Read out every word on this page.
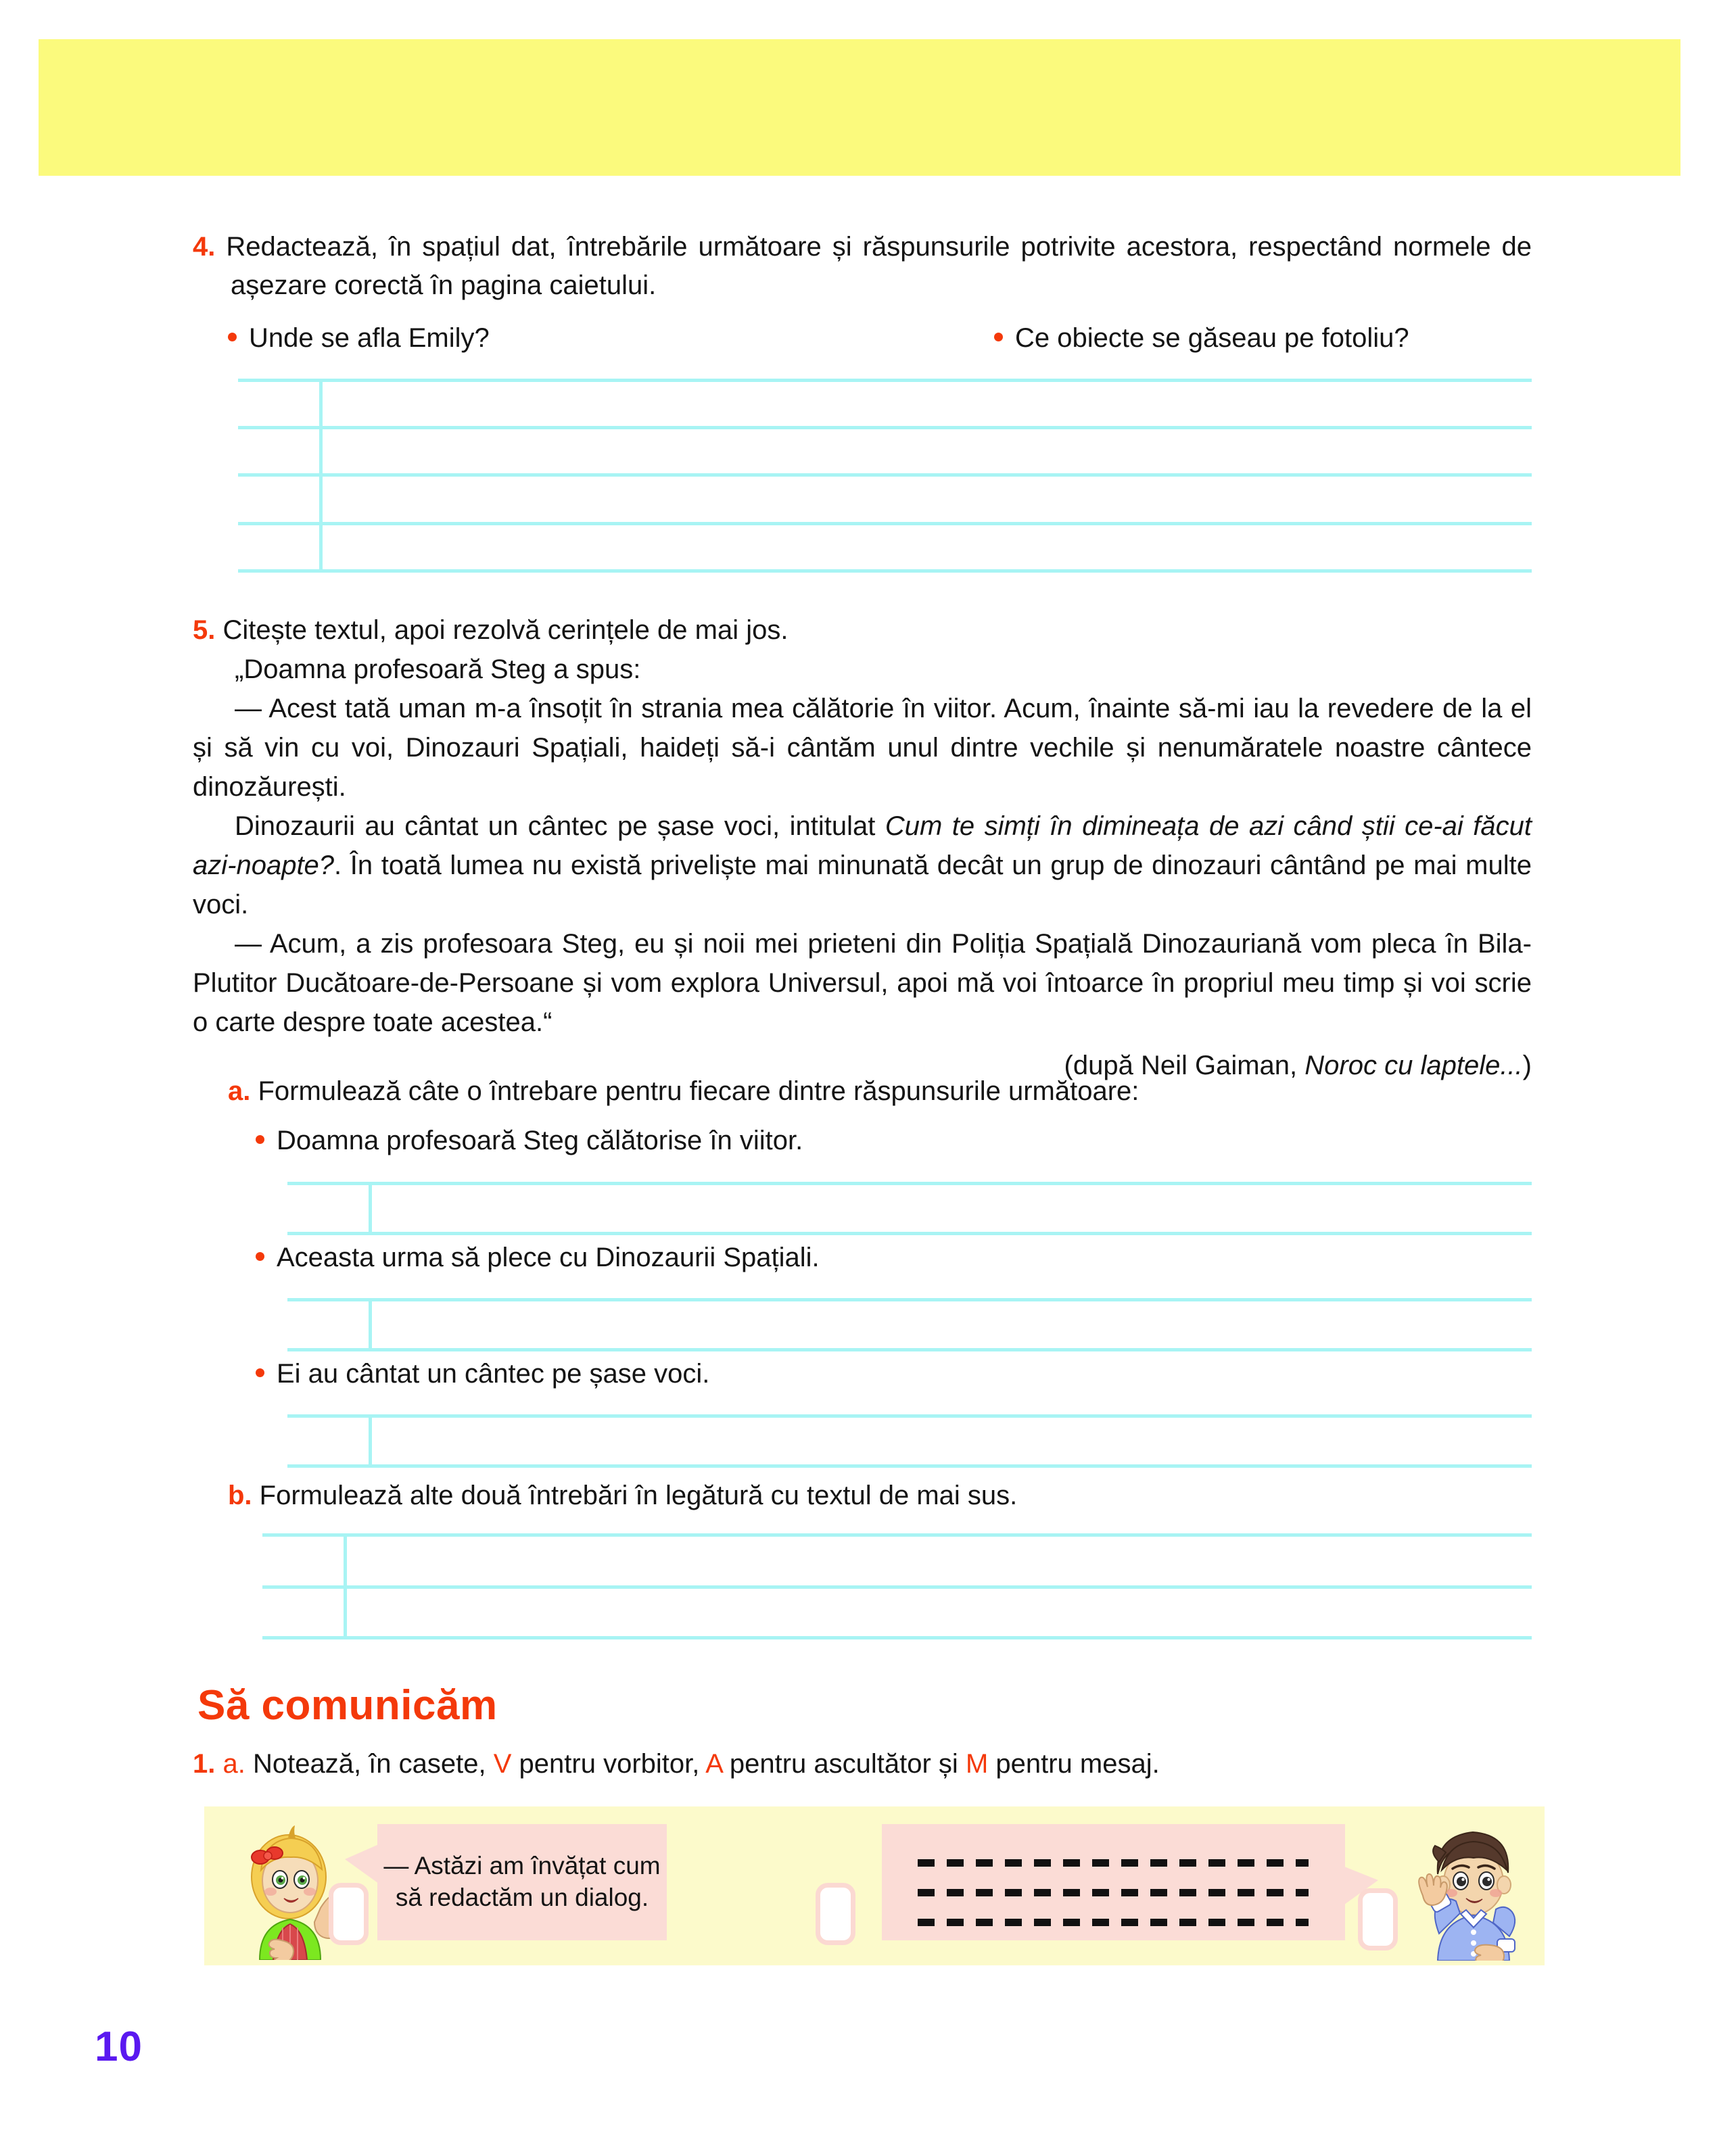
4. Redactează, în spațiul dat, întrebările următoare și răspunsurile potrivite acestora, respectând normele de așezare corectă în pagina caietului.

Unde se afla Emily?	Ce obiecte se găseau pe fotoliu?

5. Citește textul, apoi rezolvă cerințele de mai jos.

„Doamna profesoară Steg a spus:

— Acest tată uman m-a însoțit în strania mea călătorie în viitor. Acum, înainte să-mi iau la revedere de la el și să vin cu voi, Dinozauri Spațiali, haideți să-i cântăm unul dintre vechile și nenumăratele noastre cântece dinozăurești.

Dinozaurii au cântat un cântec pe șase voci, intitulat Cum te simți în dimineața de azi când știi ce-ai făcut azi-noapte?. În toată lumea nu există priveliște mai minunată decât un grup de dinozauri cântând pe mai multe voci.

— Acum, a zis profesoara Steg, eu și noii mei prieteni din Poliția Spațială Dinozauriană vom pleca în Bila-Plutitor Ducătoare-de-Persoane și vom explora Universul, apoi mă voi întoarce în propriul meu timp și voi scrie o carte despre toate acestea.“

(după Neil Gaiman, Noroc cu laptele...)

a. Formulează câte o întrebare pentru fiecare dintre răspunsurile următoare:
Doamna profesoară Steg călătorise în viitor.
Aceasta urma să plece cu Dinozaurii Spațiali.
Ei au cântat un cântec pe șase voci.
b. Formulează alte două întrebări în legătură cu textul de mai sus.
Să comunicăm
1. a. Notează, în casete, V pentru vorbitor, A pentru ascultător și M pentru mesaj.
— Astăzi am învățat cum să redactăm un dialog.
10
